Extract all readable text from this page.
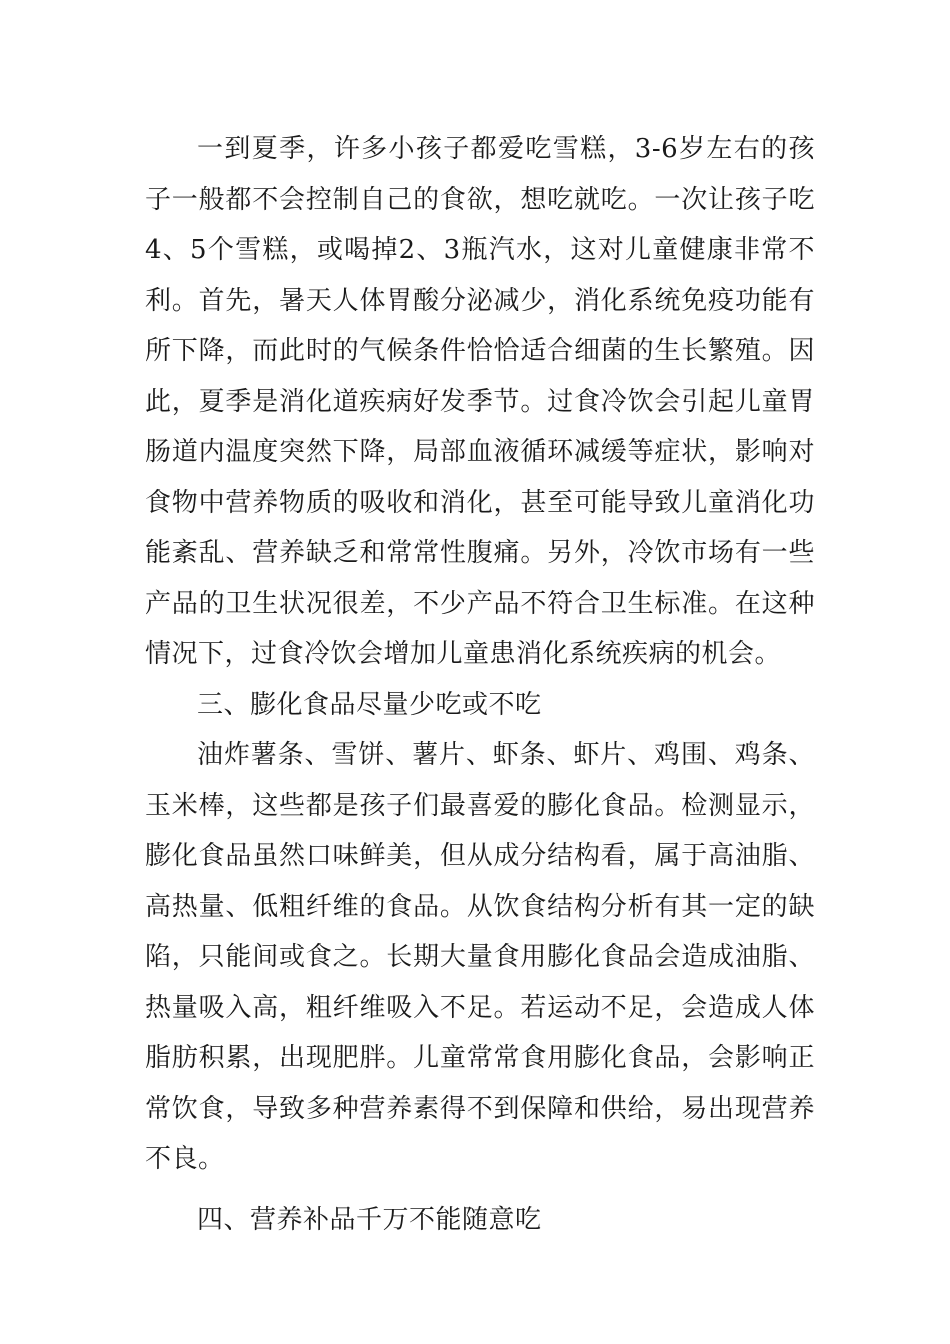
一到夏季，许多小孩子都爱吃雪糕，3-6岁左右的孩子一般都不会控制自己的食欲，想吃就吃。一次让孩子吃4、5个雪糕，或喝掉2、3瓶汽水，这对儿童健康非常不利。首先，暑天人体胃酸分泌减少，消化系统免疫功能有所下降，而此时的气候条件恰恰适合细菌的生长繁殖。因此，夏季是消化道疾病好发季节。过食冷饮会引起儿童胃肠道内温度突然下降，局部血液循环减缓等症状，影响对食物中营养物质的吸收和消化，甚至可能导致儿童消化功能紊乱、营养缺乏和常常性腹痛。另外，冷饮市场有一些产品的卫生状况很差，不少产品不符合卫生标准。在这种情况下，过食冷饮会增加儿童患消化系统疾病的机会。

三、膨化食品尽量少吃或不吃

油炸薯条、雪饼、薯片、虾条、虾片、鸡围、鸡条、玉米棒，这些都是孩子们最喜爱的膨化食品。检测显示，膨化食品虽然口味鲜美，但从成分结构看，属于高油脂、高热量、低粗纤维的食品。从饮食结构分析有其一定的缺陷，只能间或食之。长期大量食用膨化食品会造成油脂、热量吸入高，粗纤维吸入不足。若运动不足，会造成人体脂肪积累，出现肥胖。儿童常常食用膨化食品，会影响正常饮食，导致多种营养素得不到保障和供给，易出现营养不良。

四、营养补品千万不能随意吃
